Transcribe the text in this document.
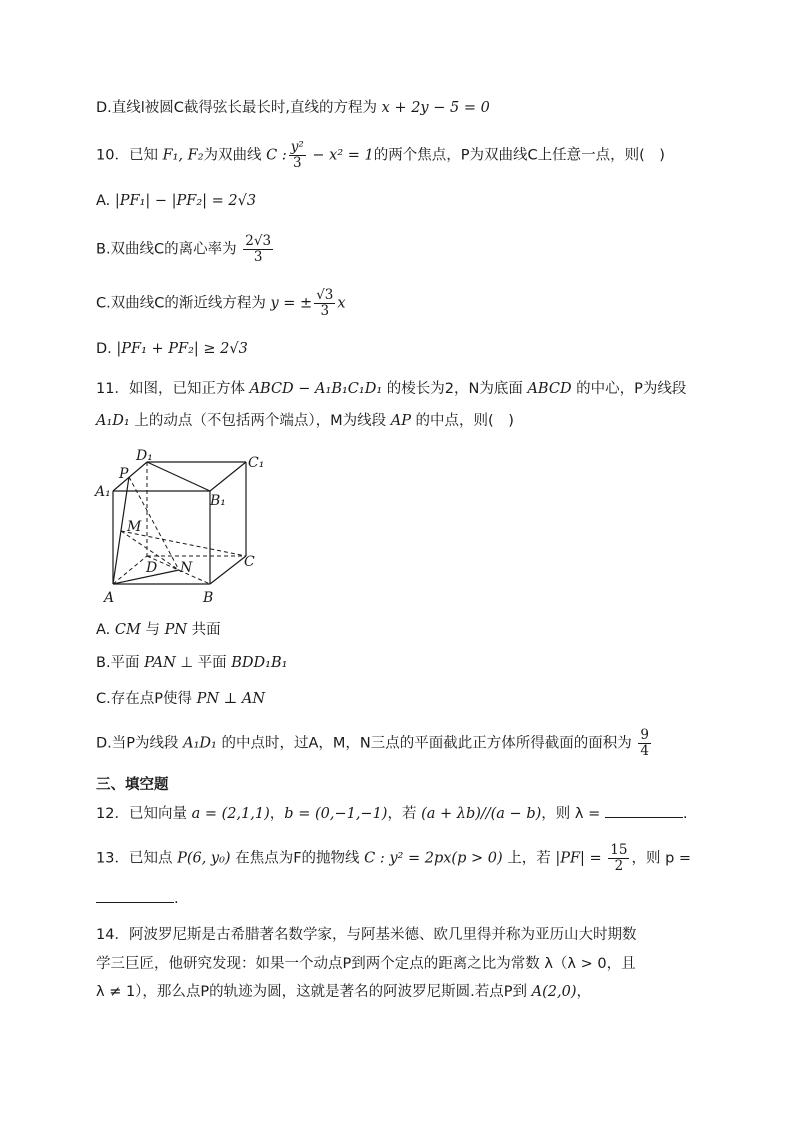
D.直线l被圆C截得弦长最长时,直线的方程为 x + 2y − 5 = 0
10．已知 F₁, F₂为双曲线 C : $\frac{\text{y²}}{3} - x^2 = 1$的两个焦点，P为双曲线C上任意一点，则(　)
A. |PF₁| − |PF₂| = 2√3
B.双曲线C的离心率为 $\frac{2√3}{3}$
C.双曲线C的渐近线方程为 y = ± $\frac{√3}{3}$ x
D. |PF₁ + PF₂| ≥ 2√3
11．如图，已知正方体 ABCD − A₁B₁C₁D₁ 的棱长为2，N为底面 ABCD 的中心，P为线段
A₁D₁ 上的动点（不包括两个端点），M为线段 AP 的中点，则(　)
D₁	C₁
P
A₁
B₁
M
C
D N
A	B
A. CM 与 PN 共面
B.平面 PAN ⊥ 平面 BDD₁B₁
C.存在点P使得 PN ⊥ AN
D.当P为线段 A₁D₁ 的中点时，过A，M，N三点的平面截此正方体所得截面的面积为 $\frac{9}{4}$
三、填空题
12．已知向量 a = (2,1,1)，b = (0,−1,−1)，若 (a + λb)//(a − b)，则 λ =	.
13．已知点 P(6, y₀) 在焦点为F的抛物线 C : y² = 2px(p > 0) 上，若 $|PF| = \frac{15}{2}$ ，则 p =
.
14．阿波罗尼斯是古希腊著名数学家，与阿基米德、欧几里得并称为亚历山大时期数
学三巨匠，他研究发现：如果一个动点P到两个定点的距离之比为常数 λ（λ > 0，且
λ ≠ 1），那么点P的轨迹为圆，这就是著名的阿波罗尼斯圆.若点P到 A(2,0)，
